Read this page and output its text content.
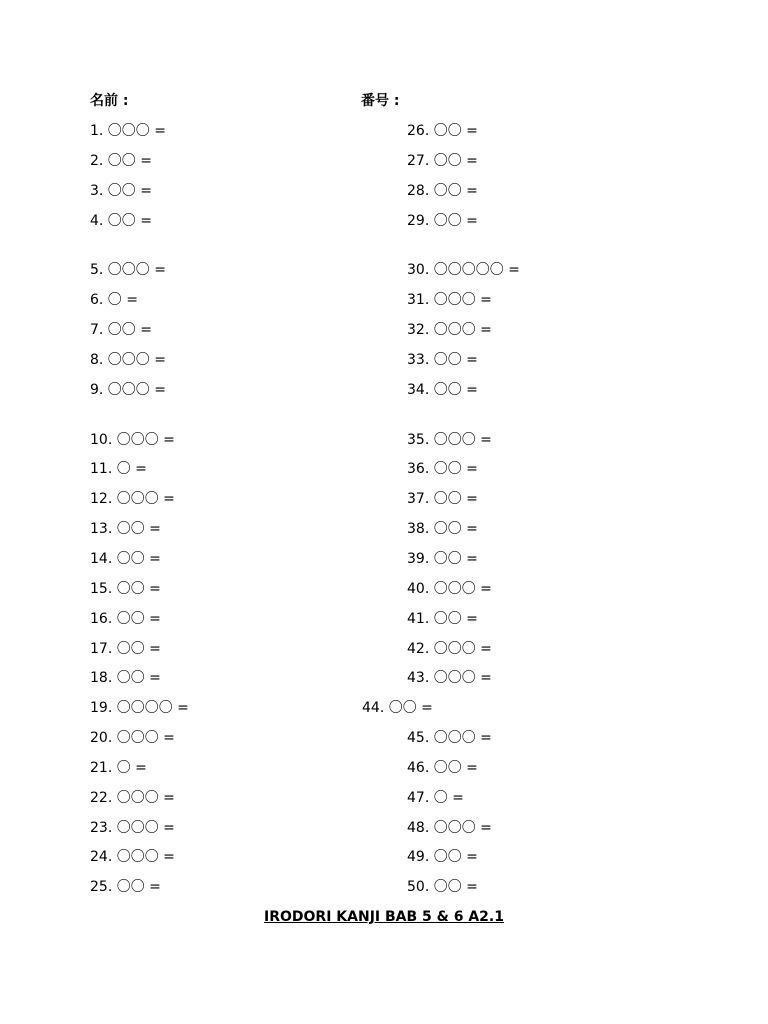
名前 :	番号 :
1. 〇〇〇 =
2. 〇〇 =
3. 〇〇 =
4. 〇〇 =
5. 〇〇〇 =
6. 〇 =
7. 〇〇 =
8. 〇〇〇 =
9. 〇〇〇 =
10. 〇〇〇 =
11. 〇 =
12. 〇〇〇 =
13. 〇〇 =
14. 〇〇 =
15. 〇〇 =
16. 〇〇 =
17. 〇〇 =
18. 〇〇 =
19. 〇〇〇〇 =
20. 〇〇〇 =
21. 〇 =
22. 〇〇〇 =
23. 〇〇〇 =
24. 〇〇〇 =
25. 〇〇 =
26. 〇〇 =
27. 〇〇 =
28. 〇〇 =
29. 〇〇 =
30. 〇〇〇〇〇 =
31. 〇〇〇 =
32. 〇〇〇 =
33. 〇〇 =
34. 〇〇 =
35. 〇〇〇 =
36. 〇〇 =
37. 〇〇 =
38. 〇〇 =
39. 〇〇 =
40. 〇〇〇 =
41. 〇〇 =
42. 〇〇〇 =
43. 〇〇〇 =
44. 〇〇 =
45. 〇〇〇 =
46. 〇〇 =
47. 〇 =
48. 〇〇〇 =
49. 〇〇 =
50. 〇〇 =
IRODORI KANJI BAB 5 & 6 A2.1
